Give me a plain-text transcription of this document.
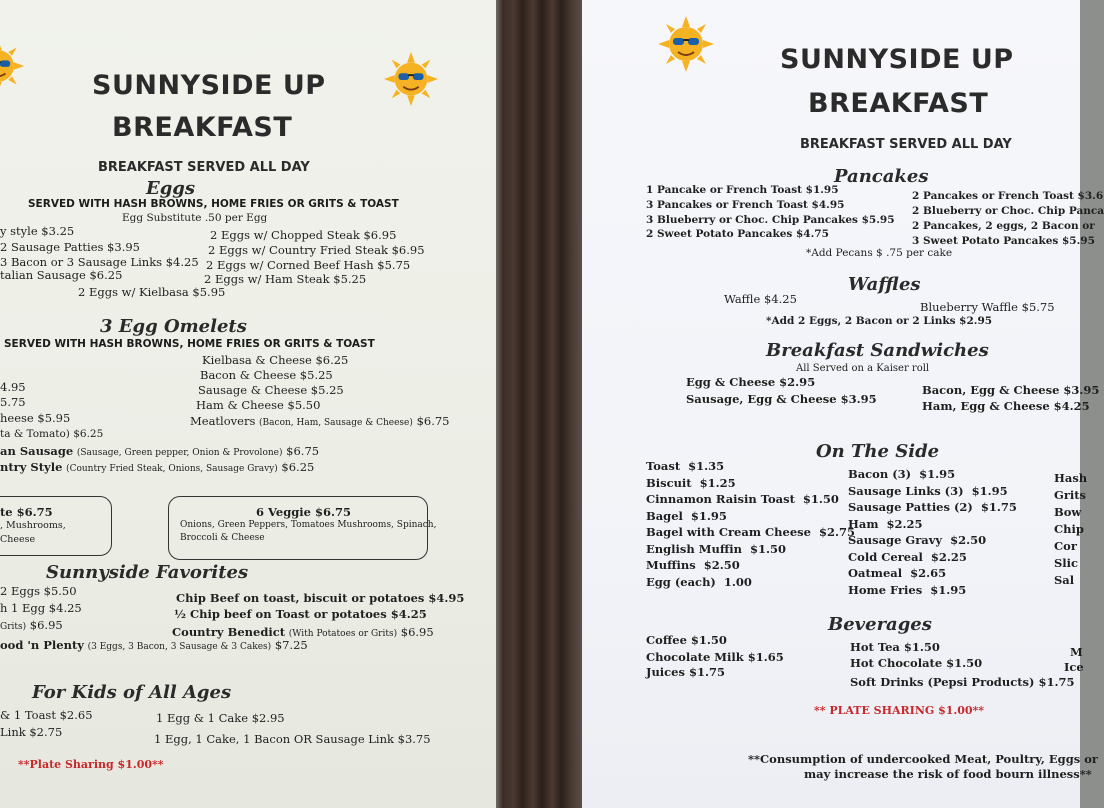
SUNNYSIDE UP
BREAKFAST
BREAKFAST SERVED ALL DAY
Eggs
SERVED WITH HASH BROWNS, HOME FRIES OR GRITS & TOAST
Egg Substitute .50 per Egg
y style $3.25
2 Sausage Patties $3.95
3 Bacon or 3 Sausage Links $4.25
talian Sausage $6.25
2 Eggs w/ Chopped Steak $6.95
2 Eggs w/ Country Fried Steak $6.95
2 Eggs w/ Corned Beef Hash $5.75
2 Eggs w/ Ham Steak $5.25
2 Eggs w/ Kielbasa $5.95
3 Egg Omelets
SERVED WITH HASH BROWNS, HOME FRIES OR GRITS & TOAST
4.95
5.75
heese $5.95
ta & Tomato) $6.25
Kielbasa & Cheese $6.25
Bacon & Cheese $5.25
Sausage & Cheese $5.25
Ham & Cheese $5.50
Meatlovers (Bacon, Ham, Sausage & Cheese) $6.75
an Sausage (Sausage, Green pepper, Onion & Provolone) $6.75
ntry Style (Country Fried Steak, Onions, Sausage Gravy) $6.25
te $6.75
, Mushrooms,
Cheese
6 Veggie $6.75
Onions, Green Peppers, Tomatoes Mushrooms, Spinach,
Broccoli & Cheese
Sunnyside Favorites
2 Eggs $5.50
h 1 Egg $4.25
Grits) $6.95
Chip Beef on toast, biscuit or potatoes $4.95
½ Chip beef on Toast or potatoes $4.25
Country Benedict (With Potatoes or Grits) $6.95
ood 'n Plenty (3 Eggs, 3 Bacon, 3 Sausage & 3 Cakes) $7.25
For Kids of All Ages
& 1 Toast $2.65
Link $2.75
1 Egg & 1 Cake $2.95
1 Egg, 1 Cake, 1 Bacon OR Sausage Link $3.75
**Plate Sharing $1.00**
SUNNYSIDE UP
BREAKFAST
BREAKFAST SERVED ALL DAY
Pancakes
1 Pancake or French Toast $1.95
3 Pancakes or French Toast $4.95
3 Blueberry or Choc. Chip Pancakes $5.95
2 Sweet Potato Pancakes $4.75
2 Pancakes or French Toast $3.6
2 Blueberry or Choc. Chip Panca
2 Pancakes, 2 eggs, 2 Bacon or
3 Sweet Potato Pancakes $5.95
*Add Pecans $ .75 per cake
Waffles
Waffle $4.25
Blueberry Waffle $5.75
*Add 2 Eggs, 2 Bacon or 2 Links $2.95
Breakfast Sandwiches
All Served on a Kaiser roll
Egg & Cheese $2.95
Sausage, Egg & Cheese $3.95
Bacon, Egg & Cheese $3.95
Ham, Egg & Cheese $4.25
On The Side
Toast $1.35
Biscuit $1.25
Cinnamon Raisin Toast $1.50
Bagel $1.95
Bagel with Cream Cheese $2.75
English Muffin $1.50
Muffins $2.50
Egg (each) 1.00
Bacon (3) $1.95
Sausage Links (3) $1.95
Sausage Patties (2) $1.75
Ham $2.25
Sausage Gravy $2.50
Cold Cereal $2.25
Oatmeal $2.65
Home Fries $1.95
Hash
Grits
Bow
Chip
Cor
Slic
Sal
Beverages
Coffee $1.50
Chocolate Milk $1.65
Juices $1.75
Hot Tea $1.50
Hot Chocolate $1.50
Soft Drinks (Pepsi Products) $1.75
M
Ice
** PLATE SHARING $1.00**
**Consumption of undercooked Meat, Poultry, Eggs or
may increase the risk of food bourn illness**
